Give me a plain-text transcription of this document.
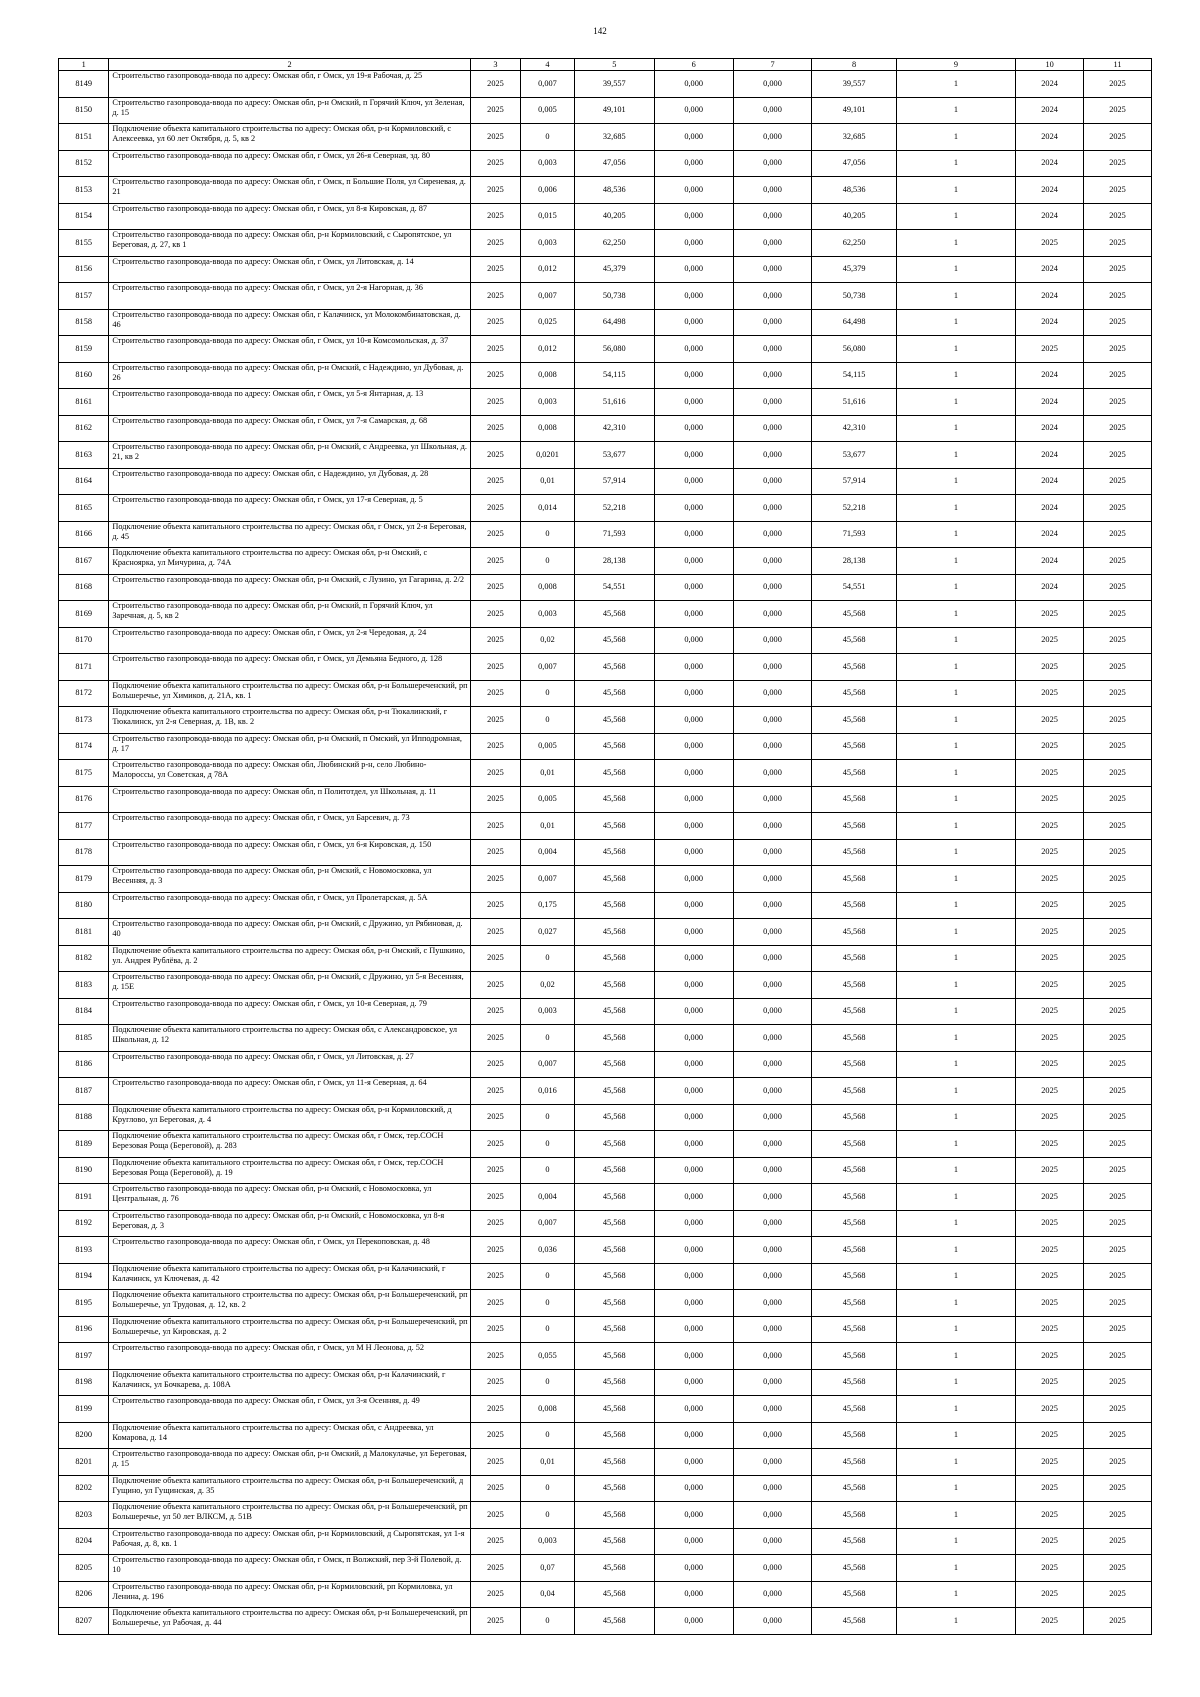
142
1	2	3	4	5	6	7	8	9	10	11
8149	Строительство газопровода-ввода по адресу: Омская обл, г Омск, ул 19-я Рабочая, д. 25	2025	0,007	39,557	0,000	0,000	39,557	1	2024	2025
8150	Строительство газопровода-ввода по адресу: Омская обл, р-н Омский, п Горячий Ключ, ул Зеленая, д. 15	2025	0,005	49,101	0,000	0,000	49,101	1	2024	2025
8151	Подключение объекта капитального строительства по адресу: Омская обл, р-н Кормиловский, с Алексеевка, ул 60 лет Октября, д. 5, кв 2	2025	0	32,685	0,000	0,000	32,685	1	2024	2025
8152	Строительство газопровода-ввода по адресу: Омская обл, г Омск, ул 26-я Северная, зд. 80	2025	0,003	47,056	0,000	0,000	47,056	1	2024	2025
8153	Строительство газопровода-ввода по адресу: Омская обл, г Омск, п Большие Поля, ул Сиреневая, д. 21	2025	0,006	48,536	0,000	0,000	48,536	1	2024	2025
8154	Строительство газопровода-ввода по адресу: Омская обл, г Омск, ул 8-я Кировская, д. 87	2025	0,015	40,205	0,000	0,000	40,205	1	2024	2025
8155	Строительство газопровода-ввода по адресу: Омская обл, р-н Кормиловский, с Сыропятское, ул Береговая, д. 27, кв 1	2025	0,003	62,250	0,000	0,000	62,250	1	2025	2025
8156	Строительство газопровода-ввода по адресу: Омская обл, г Омск, ул Литовская, д. 14	2025	0,012	45,379	0,000	0,000	45,379	1	2024	2025
8157	Строительство газопровода-ввода по адресу: Омская обл, г Омск, ул 2-я Нагорная, д. 36	2025	0,007	50,738	0,000	0,000	50,738	1	2024	2025
8158	Строительство газопровода-ввода по адресу: Омская обл, г Калачинск, ул Молокомбинатовская, д. 46	2025	0,025	64,498	0,000	0,000	64,498	1	2024	2025
8159	Строительство газопровода-ввода по адресу: Омская обл, г Омск, ул 10-я Комсомольская, д. 37	2025	0,012	56,080	0,000	0,000	56,080	1	2025	2025
8160	Строительство газопровода-ввода по адресу: Омская обл, р-н Омский, с Надеждино, ул Дубовая, д. 26	2025	0,008	54,115	0,000	0,000	54,115	1	2024	2025
8161	Строительство газопровода-ввода по адресу: Омская обл, г Омск, ул 5-я Янтарная, д. 13	2025	0,003	51,616	0,000	0,000	51,616	1	2024	2025
8162	Строительство газопровода-ввода по адресу: Омская обл, г Омск, ул 7-я Самарская, д. 68	2025	0,008	42,310	0,000	0,000	42,310	1	2024	2025
8163	Строительство газопровода-ввода по адресу: Омская обл, р-н Омский, с Андреевка, ул Школьная, д. 21, кв 2	2025	0,0201	53,677	0,000	0,000	53,677	1	2024	2025
8164	Строительство газопровода-ввода по адресу: Омская обл, с Надеждино, ул Дубовая, д. 28	2025	0,01	57,914	0,000	0,000	57,914	1	2024	2025
8165	Строительство газопровода-ввода по адресу: Омская обл, г Омск, ул 17-я Северная, д. 5	2025	0,014	52,218	0,000	0,000	52,218	1	2024	2025
8166	Подключение объекта капитального строительства по адресу: Омская обл, г Омск, ул 2-я Береговая, д. 45	2025	0	71,593	0,000	0,000	71,593	1	2024	2025
8167	Подключение объекта капитального строительства по адресу: Омская обл, р-н Омский, с Красноярка, ул Мичурина, д. 74А	2025	0	28,138	0,000	0,000	28,138	1	2024	2025
8168	Строительство газопровода-ввода по адресу: Омская обл, р-н Омский, с Лузино, ул Гагарина, д. 2/2	2025	0,008	54,551	0,000	0,000	54,551	1	2024	2025
8169	Строительство газопровода-ввода по адресу: Омская обл, р-н Омский, п Горячий Ключ, ул Заречная, д. 5, кв 2	2025	0,003	45,568	0,000	0,000	45,568	1	2025	2025
8170	Строительство газопровода-ввода по адресу: Омская обл, г Омск, ул 2-я Чередовая, д. 24	2025	0,02	45,568	0,000	0,000	45,568	1	2025	2025
8171	Строительство газопровода-ввода по адресу: Омская обл, г Омск, ул Демьяна Бедного, д. 128	2025	0,007	45,568	0,000	0,000	45,568	1	2025	2025
8172	Подключение объекта капитального строительства по адресу: Омская обл, р-н Большереченский, рп Большеречье, ул Химиков, д. 21А, кв. 1	2025	0	45,568	0,000	0,000	45,568	1	2025	2025
8173	Подключение объекта капитального строительства по адресу: Омская обл, р-н Тюкалинский, г Тюкалинск, ул 2-я Северная, д. 1В, кв. 2	2025	0	45,568	0,000	0,000	45,568	1	2025	2025
8174	Строительство газопровода-ввода по адресу: Омская обл, р-н Омский, п Омский, ул Ипподромная, д. 17	2025	0,005	45,568	0,000	0,000	45,568	1	2025	2025
8175	Строительство газопровода-ввода по адресу: Омская обл, Любинский р-н, село Любино-Малороссы, ул Советская, д 78А	2025	0,01	45,568	0,000	0,000	45,568	1	2025	2025
8176	Строительство газопровода-ввода по адресу: Омская обл, п Политотдел, ул Школьная, д. 11	2025	0,005	45,568	0,000	0,000	45,568	1	2025	2025
8177	Строительство газопровода-ввода по адресу: Омская обл, г Омск, ул Барсевич, д. 73	2025	0,01	45,568	0,000	0,000	45,568	1	2025	2025
8178	Строительство газопровода-ввода по адресу: Омская обл, г Омск, ул 6-я Кировская, д. 150	2025	0,004	45,568	0,000	0,000	45,568	1	2025	2025
8179	Строительство газопровода-ввода по адресу: Омская обл, р-н Омский, с Новомосковка, ул Весенняя, д. 3	2025	0,007	45,568	0,000	0,000	45,568	1	2025	2025
8180	Строительство газопровода-ввода по адресу: Омская обл, г Омск, ул Пролетарская, д. 5А	2025	0,175	45,568	0,000	0,000	45,568	1	2025	2025
8181	Строительство газопровода-ввода по адресу: Омская обл, р-н Омский, с Дружино, ул Рябиновая, д. 40	2025	0,027	45,568	0,000	0,000	45,568	1	2025	2025
8182	Подключение объекта капитального строительства по адресу: Омская обл, р-н Омский, с Пушкино, ул. Андрея Рублёва, д. 2	2025	0	45,568	0,000	0,000	45,568	1	2025	2025
8183	Строительство газопровода-ввода по адресу: Омская обл, р-н Омский, с Дружино, ул 5-я Весенняя, д. 15Е	2025	0,02	45,568	0,000	0,000	45,568	1	2025	2025
8184	Строительство газопровода-ввода по адресу: Омская обл, г Омск, ул 10-я Северная, д. 79	2025	0,003	45,568	0,000	0,000	45,568	1	2025	2025
8185	Подключение объекта капитального строительства по адресу: Омская обл, с Александровское, ул Школьная, д. 12	2025	0	45,568	0,000	0,000	45,568	1	2025	2025
8186	Строительство газопровода-ввода по адресу: Омская обл, г Омск, ул Литовская, д. 27	2025	0,007	45,568	0,000	0,000	45,568	1	2025	2025
8187	Строительство газопровода-ввода по адресу: Омская обл, г Омск, ул 11-я Северная, д. 64	2025	0,016	45,568	0,000	0,000	45,568	1	2025	2025
8188	Подключение объекта капитального строительства по адресу: Омская обл, р-н Кормиловский, д Круглово, ул Береговая, д. 4	2025	0	45,568	0,000	0,000	45,568	1	2025	2025
8189	Подключение объекта капитального строительства по адресу: Омская обл, г Омск, тер.СОСН Березовая Роща (Береговой), д. 283	2025	0	45,568	0,000	0,000	45,568	1	2025	2025
8190	Подключение объекта капитального строительства по адресу: Омская обл, г Омск, тер.СОСН Березовая Роща (Береговой), д. 19	2025	0	45,568	0,000	0,000	45,568	1	2025	2025
8191	Строительство газопровода-ввода по адресу: Омская обл, р-н Омский, с Новомосковка, ул Центральная, д. 76	2025	0,004	45,568	0,000	0,000	45,568	1	2025	2025
8192	Строительство газопровода-ввода по адресу: Омская обл, р-н Омский, с Новомосковка, ул 8-я Береговая, д. 3	2025	0,007	45,568	0,000	0,000	45,568	1	2025	2025
8193	Строительство газопровода-ввода по адресу: Омская обл, г Омск, ул Перекоповская, д. 48	2025	0,036	45,568	0,000	0,000	45,568	1	2025	2025
8194	Подключение объекта капитального строительства по адресу: Омская обл, р-н Калачинский, г Калачинск, ул Ключевая, д. 42	2025	0	45,568	0,000	0,000	45,568	1	2025	2025
8195	Подключение объекта капитального строительства по адресу: Омская обл, р-н Большереченский, рп Большеречье, ул Трудовая, д. 12, кв. 2	2025	0	45,568	0,000	0,000	45,568	1	2025	2025
8196	Подключение объекта капитального строительства по адресу: Омская обл, р-н Большереченский, рп Большеречье, ул Кировская, д. 2	2025	0	45,568	0,000	0,000	45,568	1	2025	2025
8197	Строительство газопровода-ввода по адресу: Омская обл, г Омск, ул М Н Леонова, д. 52	2025	0,055	45,568	0,000	0,000	45,568	1	2025	2025
8198	Подключение объекта капитального строительства по адресу: Омская обл, р-н Калачинский, г Калачинск, ул Бочкарева, д. 108А	2025	0	45,568	0,000	0,000	45,568	1	2025	2025
8199	Строительство газопровода-ввода по адресу: Омская обл, г Омск, ул 3-я Осенняя, д. 49	2025	0,008	45,568	0,000	0,000	45,568	1	2025	2025
8200	Подключение объекта капитального строительства по адресу: Омская обл, с Андреевка, ул Комарова, д. 14	2025	0	45,568	0,000	0,000	45,568	1	2025	2025
8201	Строительство газопровода-ввода по адресу: Омская обл, р-н Омский, д Малокулачье, ул Береговая, д. 15	2025	0,01	45,568	0,000	0,000	45,568	1	2025	2025
8202	Подключение объекта капитального строительства по адресу: Омская обл, р-н Большереченский, д Гущино, ул Гущинская, д. 35	2025	0	45,568	0,000	0,000	45,568	1	2025	2025
8203	Подключение объекта капитального строительства по адресу: Омская обл, р-н Большереченский, рп Большеречье, ул 50 лет ВЛКСМ, д. 51В	2025	0	45,568	0,000	0,000	45,568	1	2025	2025
8204	Строительство газопровода-ввода по адресу: Омская обл, р-н Кормиловский, д Сыропятская, ул 1-я Рабочая, д. 8, кв. 1	2025	0,003	45,568	0,000	0,000	45,568	1	2025	2025
8205	Строительство газопровода-ввода по адресу: Омская обл, г Омск, п Волжский, пер 3-й Полевой, д. 10	2025	0,07	45,568	0,000	0,000	45,568	1	2025	2025
8206	Строительство газопровода-ввода по адресу: Омская обл, р-н Кормиловский, рп Кормиловка, ул Ленина, д. 196	2025	0,04	45,568	0,000	0,000	45,568	1	2025	2025
8207	Подключение объекта капитального строительства по адресу: Омская обл, р-н Большереченский, рп Большеречье, ул Рабочая, д. 44	2025	0	45,568	0,000	0,000	45,568	1	2025	2025
